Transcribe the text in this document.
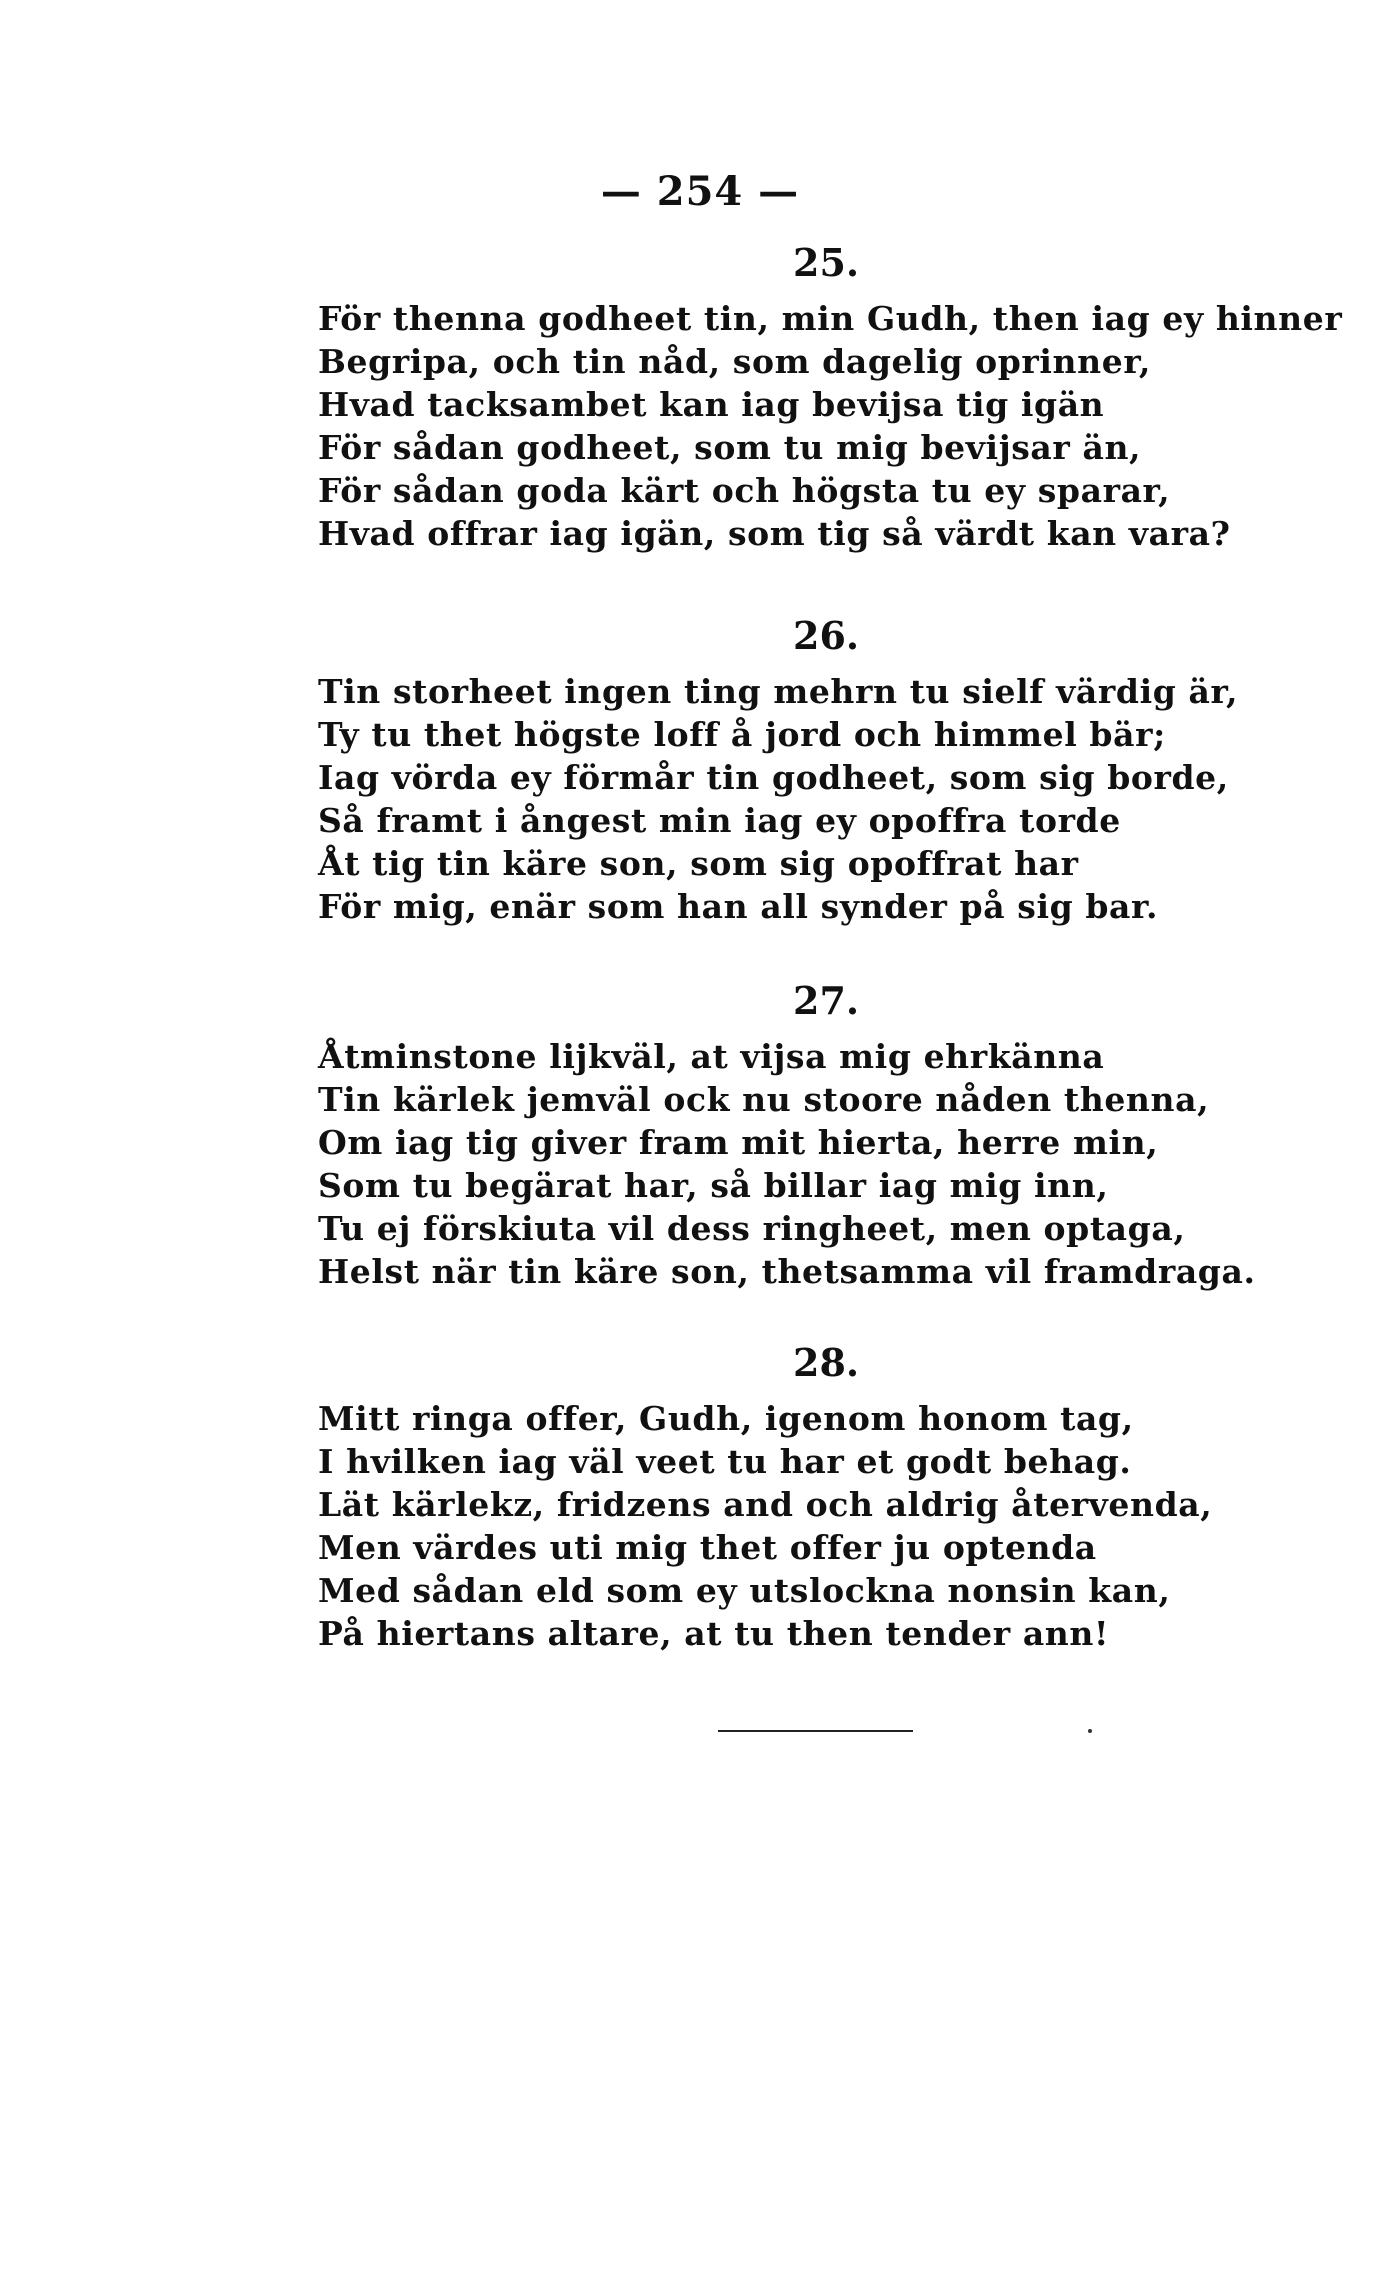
— 254 —
25.
För thenna godheet tin, min Gudh, then iag ey hinner
Begripa, och tin nåd, som dagelig oprinner,
Hvad tacksambet kan iag bevijsa tig igän
För sådan godheet, som tu mig bevijsar än,
För sådan goda kärt och högsta tu ey sparar,
Hvad offrar iag igän, som tig så värdt kan vara?
26.
Tin storheet ingen ting mehrn tu sielf värdig är,
Ty tu thet högste loff å jord och himmel bär;
Iag vörda ey förmår tin godheet, som sig borde,
Så framt i ångest min iag ey opoffra torde
Åt tig tin käre son, som sig opoffrat har
För mig, enär som han all synder på sig bar.
27.
Åtminstone lijkväl, at vijsa mig ehrkänna
Tin kärlek jemväl ock nu stoore nåden thenna,
Om iag tig giver fram mit hierta, herre min,
Som tu begärat har, så billar iag mig inn,
Tu ej förskiuta vil dess ringheet, men optaga,
Helst när tin käre son, thetsamma vil framdraga.
28.
Mitt ringa offer, Gudh, igenom honom tag,
I hvilken iag väl veet tu har et godt behag.
Lät kärlekz, fridzens and och aldrig återvenda,
Men värdes uti mig thet offer ju optenda
Med sådan eld som ey utslockna nonsin kan,
På hiertans altare, at tu then tender ann!
